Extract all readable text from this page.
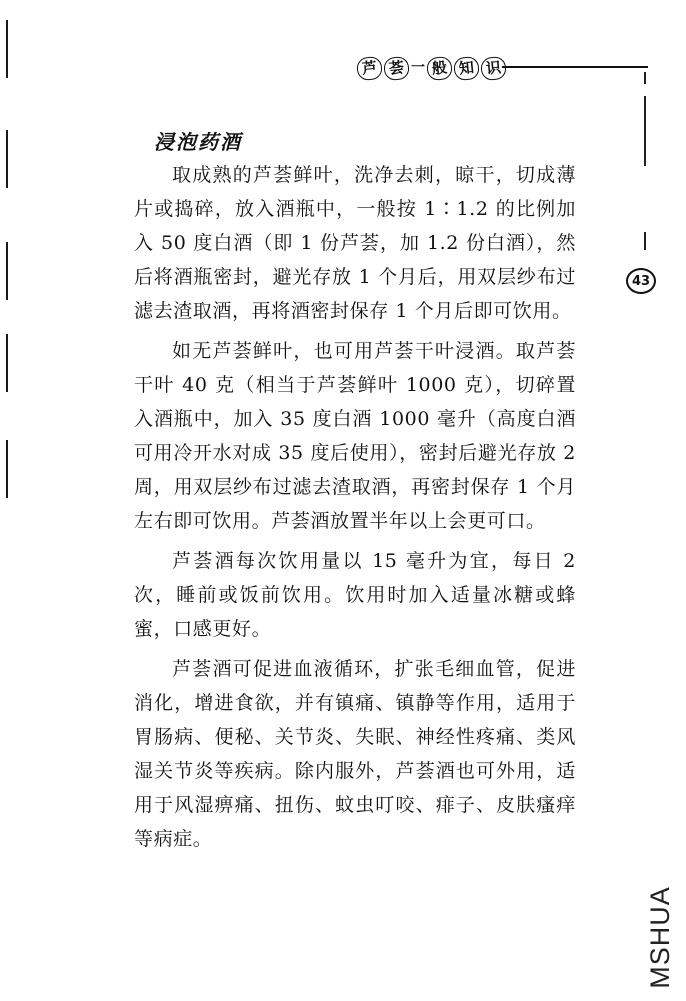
芦 荟 一 般 知 识
43
浸泡药酒

取成熟的芦荟鲜叶，洗净去刺，晾干，切成薄片或捣碎，放入酒瓶中，一般按 1∶1.2 的比例加入 50 度白酒（即 1 份芦荟，加 1.2 份白酒），然后将酒瓶密封，避光存放 1 个月后，用双层纱布过滤去渣取酒，再将酒密封保存 1 个月后即可饮用。

如无芦荟鲜叶，也可用芦荟干叶浸酒。取芦荟干叶 40 克（相当于芦荟鲜叶 1000 克），切碎置入酒瓶中，加入 35 度白酒 1000 毫升（高度白酒可用冷开水对成 35 度后使用），密封后避光存放 2 周，用双层纱布过滤去渣取酒，再密封保存 1 个月左右即可饮用。芦荟酒放置半年以上会更可口。

芦荟酒每次饮用量以 15 毫升为宜，每日 2 次，睡前或饭前饮用。饮用时加入适量冰糖或蜂蜜，口感更好。

芦荟酒可促进血液循环，扩张毛细血管，促进消化，增进食欲，并有镇痛、镇静等作用，适用于胃肠病、便秘、关节炎、失眠、神经性疼痛、类风湿关节炎等疾病。除内服外，芦荟酒也可外用，适用于风湿痹痛、扭伤、蚊虫叮咬、痱子、皮肤瘙痒等病症。

MSHUA
